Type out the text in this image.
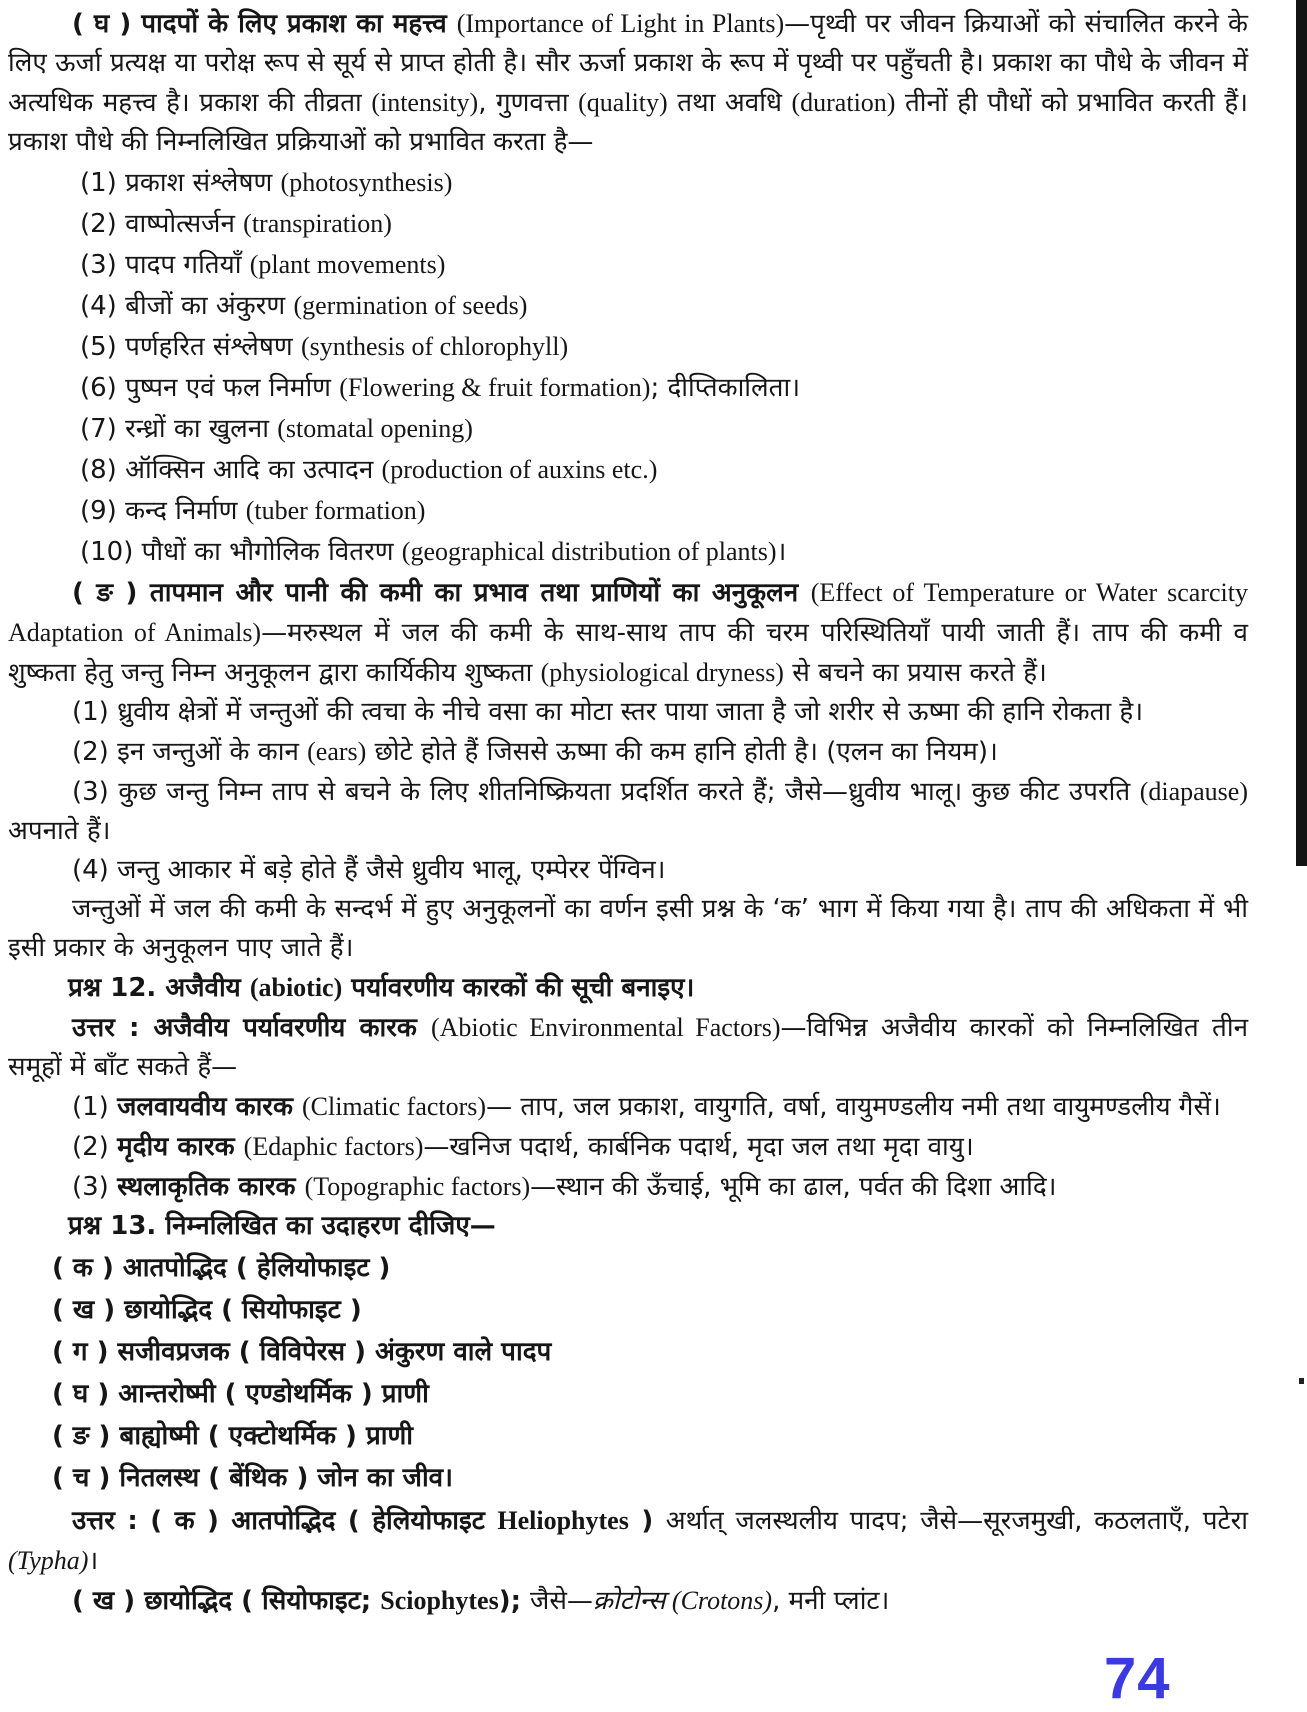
( घ ) पादपों के लिए प्रकाश का महत्त्व (Importance of Light in Plants)—पृथ्वी पर जीवन क्रियाओं को संचालित करने के लिए ऊर्जा प्रत्यक्ष या परोक्ष रूप से सूर्य से प्राप्त होती है। सौर ऊर्जा प्रकाश के रूप में पृथ्वी पर पहुँचती है। प्रकाश का पौधे के जीवन में अत्यधिक महत्त्व है। प्रकाश की तीव्रता (intensity), गुणवत्ता (quality) तथा अवधि (duration) तीनों ही पौधों को प्रभावित करती हैं। प्रकाश पौधे की निम्नलिखित प्रक्रियाओं को प्रभावित करता है—

(1) प्रकाश संश्लेषण (photosynthesis)

(2) वाष्पोत्सर्जन (transpiration)

(3) पादप गतियाँ (plant movements)

(4) बीजों का अंकुरण (germination of seeds)

(5) पर्णहरित संश्लेषण (synthesis of chlorophyll)

(6) पुष्पन एवं फल निर्माण (Flowering & fruit formation); दीप्तिकालिता।

(7) रन्ध्रों का खुलना (stomatal opening)

(8) ऑक्सिन आदि का उत्पादन (production of auxins etc.)

(9) कन्द निर्माण (tuber formation)

(10) पौधों का भौगोलिक वितरण (geographical distribution of plants)।

( ङ ) तापमान और पानी की कमी का प्रभाव तथा प्राणियों का अनुकूलन (Effect of Temperature or Water scarcity Adaptation of Animals)—मरुस्थल में जल की कमी के साथ-साथ ताप की चरम परिस्थितियाँ पायी जाती हैं। ताप की कमी व शुष्कता हेतु जन्तु निम्न अनुकूलन द्वारा कार्यिकीय शुष्कता (physiological dryness) से बचने का प्रयास करते हैं।

(1) ध्रुवीय क्षेत्रों में जन्तुओं की त्वचा के नीचे वसा का मोटा स्तर पाया जाता है जो शरीर से ऊष्मा की हानि रोकता है।

(2) इन जन्तुओं के कान (ears) छोटे होते हैं जिससे ऊष्मा की कम हानि होती है। (एलन का नियम)।

(3) कुछ जन्तु निम्न ताप से बचने के लिए शीतनिष्क्रियता प्रदर्शित करते हैं; जैसे—ध्रुवीय भालू। कुछ कीट उपरति (diapause) अपनाते हैं।

(4) जन्तु आकार में बड़े होते हैं जैसे ध्रुवीय भालू, एम्पेरर पेंग्विन।

जन्तुओं में जल की कमी के सन्दर्भ में हुए अनुकूलनों का वर्णन इसी प्रश्न के ‘क’ भाग में किया गया है। ताप की अधिकता में भी इसी प्रकार के अनुकूलन पाए जाते हैं।

प्रश्न 12. अजैवीय (abiotic) पर्यावरणीय कारकों की सूची बनाइए।

उत्तर : अजैवीय पर्यावरणीय कारक (Abiotic Environmental Factors)—विभिन्न अजैवीय कारकों को निम्नलिखित तीन समूहों में बाँट सकते हैं—

(1) जलवायवीय कारक (Climatic factors)— ताप, जल प्रकाश, वायुगति, वर्षा, वायुमण्डलीय नमी तथा वायुमण्डलीय गैसें।

(2) मृदीय कारक (Edaphic factors)—खनिज पदार्थ, कार्बनिक पदार्थ, मृदा जल तथा मृदा वायु।

(3) स्थलाकृतिक कारक (Topographic factors)—स्थान की ऊँचाई, भूमि का ढाल, पर्वत की दिशा आदि।

प्रश्न 13. निम्नलिखित का उदाहरण दीजिए—

( क ) आतपोद्भिद ( हेलियोफाइट )

( ख ) छायोद्भिद ( सियोफाइट )

( ग ) सजीवप्रजक ( विविपेरस ) अंकुरण वाले पादप

( घ ) आन्तरोष्मी ( एण्डोथर्मिक ) प्राणी

( ङ ) बाह्योष्मी ( एक्टोथर्मिक ) प्राणी

( च ) नितलस्थ ( बेंथिक ) जोन का जीव।

उत्तर : ( क ) आतपोद्भिद ( हेलियोफाइट Heliophytes ) अर्थात् जलस्थलीय पादप; जैसे—सूरजमुखी, कठलताएँ, पटेरा (Typha)।

( ख ) छायोद्भिद ( सियोफाइट; Sciophytes); जैसे—क्रोटोन्स (Crotons), मनी प्लांट।

74
